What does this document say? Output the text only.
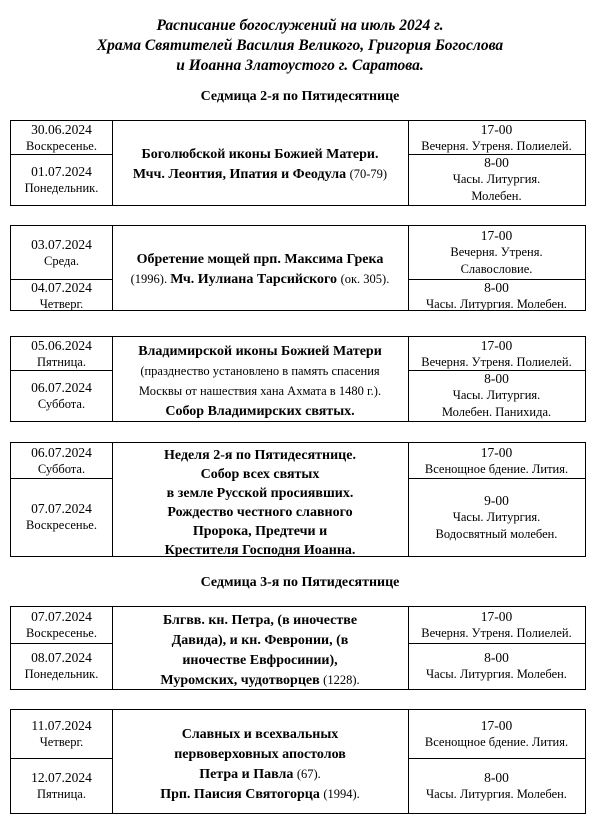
Расписание богослужений на июль 2024 г.
Храма Святителей Василия Великого, Григория Богослова
и Иоанна Златоустого г. Саратова.
Седмица 2-я по Пятидесятнице
Седмица 3-я по Пятидесятнице
30.06.2024
Воскресенье.
17-00
Вечерня. Утреня. Полиелей.
01.07.2024
Понедельник.
8-00
Часы. Литургия.
Молебен.
Боголюбской иконы Божией Матери.
Мчч. Леонтия, Ипатия и Феодула (70-79)
03.07.2024
Среда.
17-00
Вечерня. Утреня.
Славословие.
04.07.2024
Четверг.
8-00
Часы. Литургия. Молебен.
Обретение мощей прп. Максима Грека
(1996). Мч. Иулиана Тарсийского (ок. 305).
05.06.2024
Пятница.
17-00
Вечерня. Утреня. Полиелей.
06.07.2024
Суббота.
8-00
Часы. Литургия.
Молебен. Панихида.
Владимирской иконы Божией Матери
(празднество установлено в память спасения
Москвы от нашествия хана Ахмата в 1480 г.).
Собор Владимирских святых.
06.07.2024
Суббота.
17-00
Всенощное бдение. Лития.
07.07.2024
Воскресенье.
9-00
Часы. Литургия.
Водосвятный молебен.
Неделя 2-я по Пятидесятнице.
Собор всех святых
в земле Русской просиявших.
Рождество честного славного
Пророка, Предтечи и
Крестителя Господня Иоанна.
07.07.2024
Воскресенье.
17-00
Вечерня. Утреня. Полиелей.
08.07.2024
Понедельник.
8-00
Часы. Литургия. Молебен.
Блгвв. кн. Петра, (в иночестве
Давида), и кн. Февронии, (в
иночестве Евфросинии),
Муромских, чудотворцев (1228).
11.07.2024
Четверг.
17-00
Всенощное бдение. Лития.
12.07.2024
Пятница.
8-00
Часы. Литургия. Молебен.
Славных и всехвальных
первоверховных апостолов
Петра и Павла (67).
Прп. Паисия Святогорца (1994).
